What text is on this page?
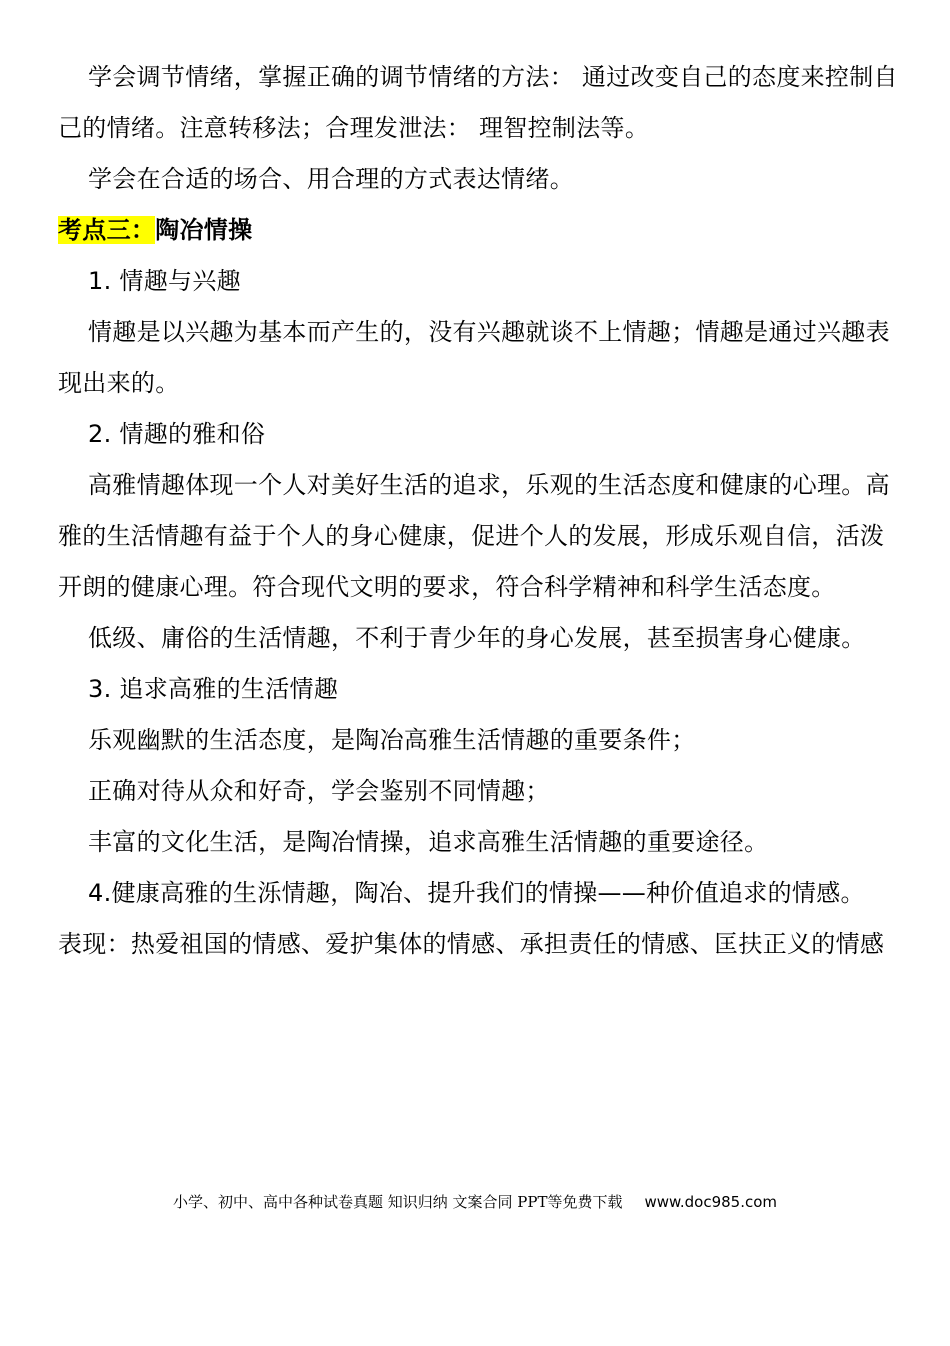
学会调节情绪，掌握正确的调节情绪的方法： 通过改变自己的态度来控制自己的情绪。注意转移法；合理发泄法： 理智控制法等。

学会在合适的场合、用合理的方式表达情绪。

考点三：陶冶情操

1. 情趣与兴趣

情趣是以兴趣为基本而产生的，没有兴趣就谈不上情趣；情趣是通过兴趣表现出来的。

2. 情趣的雅和俗

高雅情趣体现一个人对美好生活的追求，乐观的生活态度和健康的心理。高雅的生活情趣有益于个人的身心健康，促进个人的发展，形成乐观自信，活泼开朗的健康心理。符合现代文明的要求，符合科学精神和科学生活态度。

低级、庸俗的生活情趣，不利于青少年的身心发展，甚至损害身心健康。

3. 追求高雅的生活情趣

乐观幽默的生活态度，是陶冶高雅生活情趣的重要条件；

正确对待从众和好奇，学会鉴别不同情趣；

丰富的文化生活，是陶冶情操，追求高雅生活情趣的重要途径。

4.健康高雅的生泺情趣，陶冶、提升我们的情操——种价值追求的情感。

表现：热爱祖国的情感、爱护集体的情感、承担责任的情感、匡扶正义的情感

小学、初中、高中各种试卷真题 知识归纳 文案合同 PPT等免费下载 www.doc985.com
